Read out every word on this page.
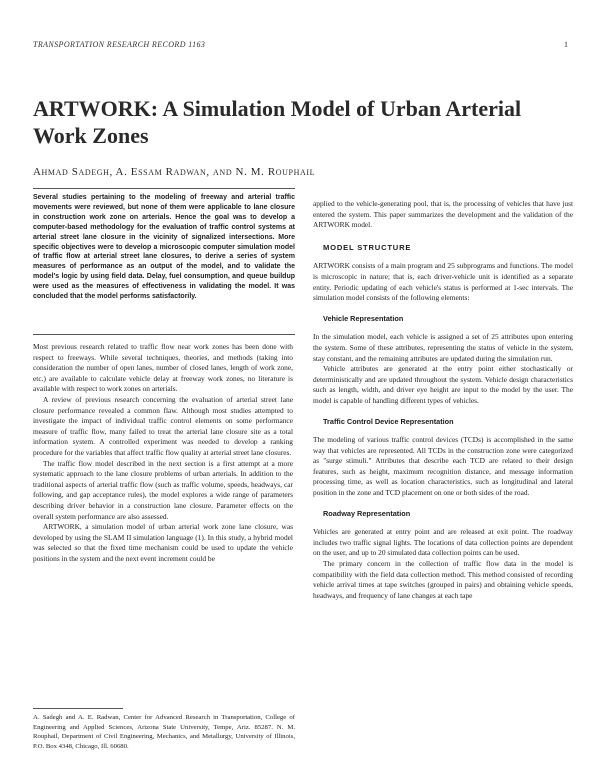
TRANSPORTATION RESEARCH RECORD 1163	1
ARTWORK: A Simulation Model of Urban Arterial Work Zones
Ahmad Sadegh, A. Essam Radwan, and N. M. Rouphail

Several studies pertaining to the modeling of freeway and arterial traffic movements were reviewed, but none of them were applicable to lane closure in construction work zone on arterials. Hence the goal was to develop a computer-based methodology for the evaluation of traffic control systems at arterial street lane closure in the vicinity of signalized intersections. More specific objectives were to develop a microscopic computer simulation model of traffic flow at arterial street lane closures, to derive a series of system measures of performance as an output of the model, and to validate the model's logic by using field data. Delay, fuel consumption, and queue buildup were used as the measures of effectiveness in validating the model. It was concluded that the model performs satisfactorily.

Most previous research related to traffic flow near work zones has been done with respect to freeways. While several techniques, theories, and methods (taking into consideration the number of open lanes, number of closed lanes, length of work zone, etc.) are available to calculate vehicle delay at freeway work zones, no literature is available with respect to work zones on arterials.

A review of previous research concerning the evaluation of arterial street lane closure performance revealed a common flaw. Although most studies attempted to investigate the impact of individual traffic control elements on some performance measure of traffic flow, many failed to treat the arterial lane closure site as a total information system. A controlled experiment was needed to develop a ranking procedure for the variables that affect traffic flow quality at arterial street lane closures.

The traffic flow model described in the next section is a first attempt at a more systematic approach to the lane closure problems of urban arterials. In addition to the traditional aspects of arterial traffic flow (such as traffic volume, speeds, headways, car following, and gap acceptance rules), the model explores a wide range of parameters describing driver behavior in a construction lane closure. Parameter effects on the overall system performance are also assessed.

ARTWORK, a simulation model of urban arterial work zone lane closure, was developed by using the SLAM II simulation language (1). In this study, a hybrid model was selected so that the fixed time mechanism could be used to update the vehicle positions in the system and the next event increment could be

A. Sadegh and A. E. Radwan, Center for Advanced Research in Transportation, College of Engineering and Applied Sciences, Arizona State University, Tempe, Ariz. 85287. N. M. Rouphail, Department of Civil Engineering, Mechanics, and Metallurgy, University of Illinois, P.O. Box 4348, Chicago, Ill. 60680.

applied to the vehicle-generating pool, that is, the processing of vehicles that have just entered the system. This paper summarizes the development and the validation of the ARTWORK model.

MODEL STRUCTURE

ARTWORK consists of a main program and 25 subprograms and functions. The model is microscopic in nature; that is, each driver-vehicle unit is identified as a separate entity. Periodic updating of each vehicle's status is performed at 1-sec intervals. The simulation model consists of the following elements:

Vehicle Representation

In the simulation model, each vehicle is assigned a set of 25 attributes upon entering the system. Some of these attributes, representing the status of vehicle in the system, stay constant, and the remaining attributes are updated during the simulation run.

Vehicle attributes are generated at the entry point either stochastically or deterministically and are updated throughout the system. Vehicle design characteristics such as length, width, and driver eye height are input to the model by the user. The model is capable of handling different types of vehicles.

Traffic Control Device Representation

The modeling of various traffic control devices (TCDs) is accomplished in the same way that vehicles are represented. All TCDs in the construction zone were categorized as "surge stimuli." Attributes that describe each TCD are related to their design features, such as height, maximum recognition distance, and message information processing time, as well as location characteristics, such as longitudinal and lateral position in the zone and TCD placement on one or both sides of the road.

Roadway Representation

Vehicles are generated at entry point and are released at exit point. The roadway includes two traffic signal lights. The locations of data collection points are dependent on the user, and up to 20 simulated data collection points can be used.

The primary concern in the collection of traffic flow data in the model is compatibility with the field data collection method. This method consisted of recording vehicle arrival times at tape switches (grouped in pairs) and obtaining vehicle speeds, headways, and frequency of lane changes at each tape
